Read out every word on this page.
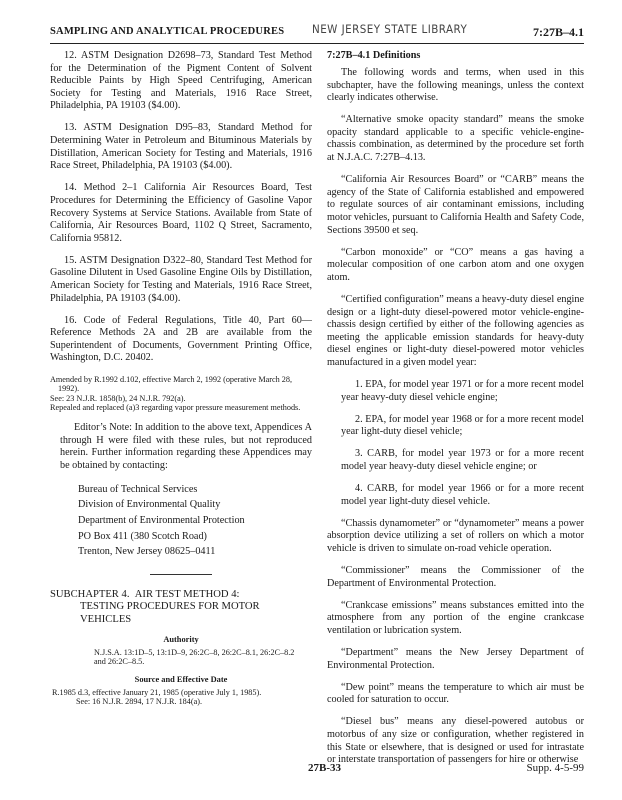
SAMPLING AND ANALYTICAL PROCEDURES NEW JERSEY STATE LIBRARY	7:27B–4.1

12. ASTM Designation D2698–73, Standard Test Method for the Determination of the Pigment Content of Solvent Reducible Paints by High Speed Centrifuging, American Society for Testing and Materials, 1916 Race Street, Philadelphia, PA 19103 ($4.00).

13. ASTM Designation D95–83, Standard Method for Determining Water in Petroleum and Bituminous Materials by Distillation, American Society for Testing and Materials, 1916 Race Street, Philadelphia, PA 19103 ($4.00).

14. Method 2–1 California Air Resources Board, Test Procedures for Determining the Efficiency of Gasoline Vapor Recovery Systems at Service Stations. Available from State of California, Air Resources Board, 1102 Q Street, Sacramento, California 95812.

15. ASTM Designation D322–80, Standard Test Method for Gasoline Dilutent in Used Gasoline Engine Oils by Distillation, American Society for Testing and Materials, 1916 Race Street, Philadelphia, PA 19103 ($4.00).

16. Code of Federal Regulations, Title 40, Part 60—Reference Methods 2A and 2B are available from the Superintendent of Documents, Government Printing Office, Washington, D.C. 20402.

Amended by R.1992 d.102, effective March 2, 1992 (operative March 28, 1992).

See: 23 N.J.R. 1858(b), 24 N.J.R. 792(a).

Repealed and replaced (a)3 regarding vapor pressure measurement methods.

Editor’s Note: In addition to the above text, Appendices A through H were filed with these rules, but not reproduced herein. Further information regarding these Appendices may be obtained by contacting:

Bureau of Technical Services
Division of Environmental Quality
Department of Environmental Protection
PO Box 411 (380 Scotch Road)
Trenton, New Jersey 08625–0411
SUBCHAPTER 4. AIR TEST METHOD 4: TESTING PROCEDURES FOR MOTOR VEHICLES
Authority

N.J.S.A. 13:1D–5, 13:1D–9, 26:2C–8, 26:2C–8.1, 26:2C–8.2 and 26:2C–8.5.

Source and Effective Date

R.1985 d.3, effective January 21, 1985 (operative July 1, 1985).

See: 16 N.J.R. 2894, 17 N.J.R. 184(a).

7:27B–4.1 Definitions

The following words and terms, when used in this subchapter, have the following meanings, unless the context clearly indicates otherwise.

“Alternative smoke opacity standard” means the smoke opacity standard applicable to a specific vehicle-engine-chassis combination, as determined by the procedure set forth at N.J.A.C. 7:27B–4.13.

“California Air Resources Board” or “CARB” means the agency of the State of California established and empowered to regulate sources of air contaminant emissions, including motor vehicles, pursuant to California Health and Safety Code, Sections 39500 et seq.

“Carbon monoxide” or “CO” means a gas having a molecular composition of one carbon atom and one oxygen atom.

“Certified configuration” means a heavy-duty diesel engine design or a light-duty diesel-powered motor vehicle-engine-chassis design certified by either of the following agencies as meeting the applicable emission standards for heavy-duty diesel engines or light-duty diesel-powered motor vehicles manufactured in a given model year:

1. EPA, for model year 1971 or for a more recent model year heavy-duty diesel vehicle engine;

2. EPA, for model year 1968 or for a more recent model year light-duty diesel vehicle;

3. CARB, for model year 1973 or for a more recent model year heavy-duty diesel vehicle engine; or

4. CARB, for model year 1966 or for a more recent model year light-duty diesel vehicle.

“Chassis dynamometer” or “dynamometer” means a power absorption device utilizing a set of rollers on which a motor vehicle is driven to simulate on-road vehicle operation.

“Commissioner” means the Commissioner of the Department of Environmental Protection.

“Crankcase emissions” means substances emitted into the atmosphere from any portion of the engine crankcase ventilation or lubrication system.

“Department” means the New Jersey Department of Environmental Protection.

“Dew point” means the temperature to which air must be cooled for saturation to occur.

“Diesel bus” means any diesel-powered autobus or motorbus of any size or configuration, whether registered in this State or elsewhere, that is designed or used for intrastate or interstate transportation of passengers for hire or otherwise

27B-33	Supp. 4-5-99
